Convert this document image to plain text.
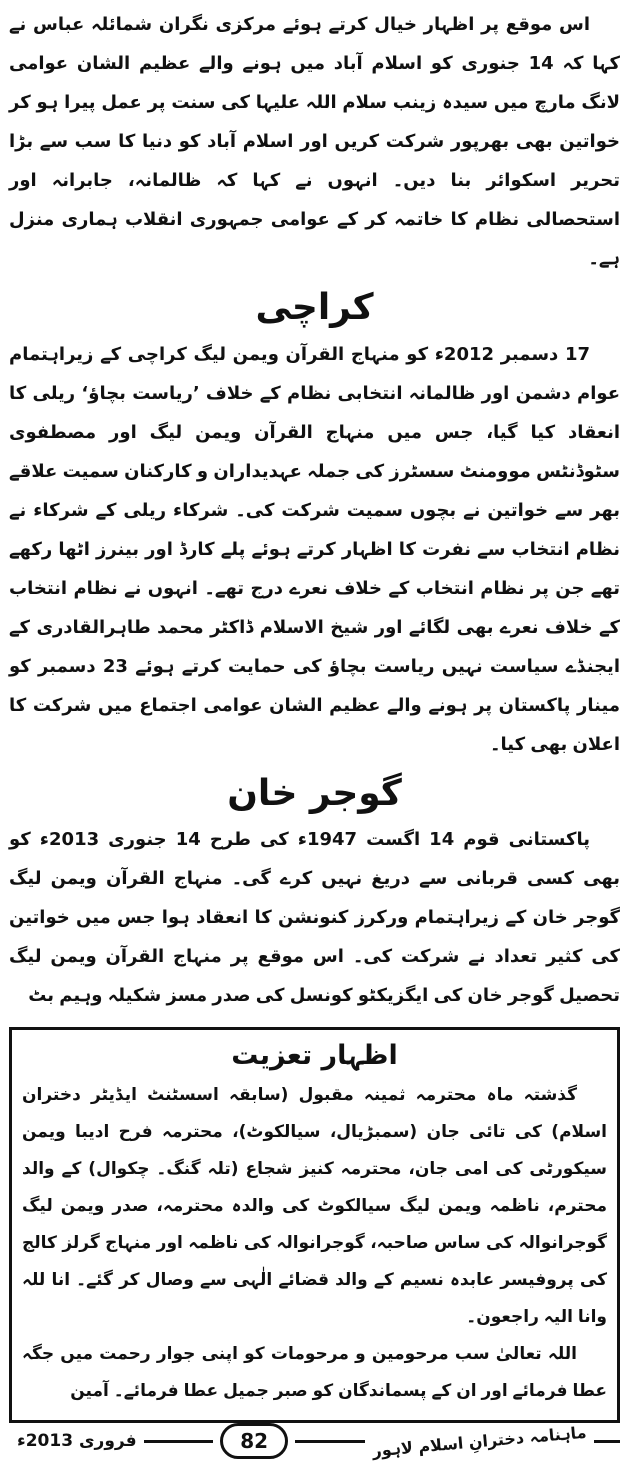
اس موقع پر اظہار خیال کرتے ہوئے مرکزی نگران شمائلہ عباس نے کہا کہ 14 جنوری کو اسلام آباد میں ہونے والے عظیم الشان عوامی لانگ مارچ میں سیدہ زینب سلام اللہ علیہا کی سنت پر عمل پیرا ہو کر خواتین بھی بھرپور شرکت کریں اور اسلام آباد کو دنیا کا سب سے بڑا تحریر اسکوائر بنا دیں۔ انہوں نے کہا کہ ظالمانہ، جابرانہ اور استحصالی نظام کا خاتمہ کر کے عوامی جمہوری انقلاب ہماری منزل ہے۔

کراچی

17 دسمبر 2012ء کو منہاج القرآن ویمن لیگ کراچی کے زیراہتمام عوام دشمن اور ظالمانہ انتخابی نظام کے خلاف ’ریاست بچاؤ‘ ریلی کا انعقاد کیا گیا، جس میں منہاج القرآن ویمن لیگ اور مصطفوی سٹوڈنٹس موومنٹ سسٹرز کی جملہ عہدیداران و کارکنان سمیت علاقے بھر سے خواتین نے بچوں سمیت شرکت کی۔ شرکاء ریلی کے شرکاء نے نظام انتخاب سے نفرت کا اظہار کرتے ہوئے پلے کارڈ اور بینرز اٹھا رکھے تھے جن پر نظام انتخاب کے خلاف نعرے درج تھے۔ انہوں نے نظام انتخاب کے خلاف نعرے بھی لگائے اور شیخ الاسلام ڈاکٹر محمد طاہرالقادری کے ایجنڈے سیاست نہیں ریاست بچاؤ کی حمایت کرتے ہوئے 23 دسمبر کو مینار پاکستان پر ہونے والے عظیم الشان عوامی اجتماع میں شرکت کا اعلان بھی کیا۔

گوجر خان

پاکستانی قوم 14 اگست 1947ء کی طرح 14 جنوری 2013ء کو بھی کسی قربانی سے دریغ نہیں کرے گی۔ منہاج القرآن ویمن لیگ گوجر خان کے زیراہتمام ورکرز کنونشن کا انعقاد ہوا جس میں خواتین کی کثیر تعداد نے شرکت کی۔ اس موقع پر منہاج القرآن ویمن لیگ تحصیل گوجر خان کی ایگزیکٹو کونسل کی صدر مسز شکیلہ وہیم بٹ

اظہار تعزیت

گذشتہ ماہ محترمہ ثمینہ مقبول (سابقہ اسسٹنٹ ایڈیٹر دختران اسلام) کی تائی جان (سمبڑیال، سیالکوٹ)، محترمہ فرح ادیبا ویمن سیکورٹی کی امی جان، محترمہ کنیز شجاع (تلہ گنگ۔ چکوال) کے والد محترم، ناظمہ ویمن لیگ سیالکوٹ کی والدہ محترمہ، صدر ویمن لیگ گوجرانوالہ کی ساس صاحبہ، گوجرانوالہ کی ناظمہ اور منہاج گرلز کالج کی پروفیسر عابدہ نسیم کے والد قضائے الٰہی سے وصال کر گئے۔ انا للہ وانا الیہ راجعون۔

اللہ تعالیٰ سب مرحومین و مرحومات کو اپنی جوار رحمت میں جگہ عطا فرمائے اور ان کے پسماندگان کو صبر جمیل عطا فرمائے۔ آمین

فروری 2013ء	82	ماہنامہ دخترانِ اسلام لاہور
